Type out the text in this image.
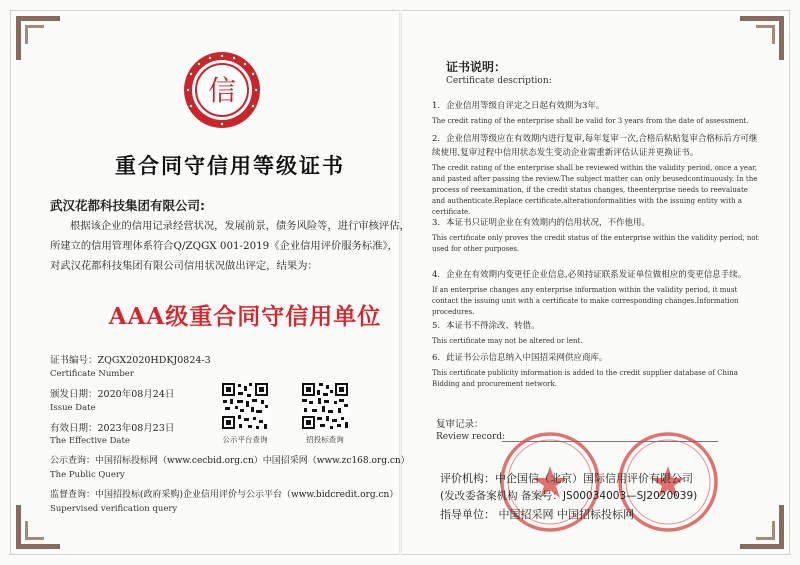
信
重合同守信用等级证书
武汉花都科技集团有限公司:

根据该企业的信用记录经营状况，发展前景，债务风险等，进行审核评估，

所建立的信用管理体系符合Q/ZQGX 001-2019《企业信用评价服务标准》，

对武汉花都科技集团有限公司信用状况做出评定，结果为：

AAA级重合同守信用单位
证书编号：ZQGX2020HDKJ0824-3
Certificate Number
颁发日期：2020年08月24日
Issue Date
有效日期：2023年08月23日
The Effective Date	公示平台查询	招投标查询
公示查询：中国招标投标网（www.cecbid.org.cn）中国招采网（www.zc168.org.cn）
The Public Query
监督查询：中国招投标(政府采购)企业信用评价与公示平台（www.bidcredit.org.cn）
Supervised verification query
证书说明：
Certificate description:
1. 企业信用等级自评定之日起有效期为3年。
The credit rating of the enterprise shall be valid for 3 years from the date of assessment.
2. 企业信用等级应在有效期内进行复审,每年复审一次,合格后粘贴复审合格标后方可继续使用,复审过程中信用状态发生变动企业需重新评估认证并更换证书。
The credit rating of the enterprise shall be reviewed within the validity period, once a year, and pasted after passing the review.The subject matter can only beusedcontinuously. In the process of reexamination, if the credit status changes, theenterprise needs to reevaluate and authenticate.Replace certificate.alterationformalities with the issuing entity with a certificate.
3. 本证书只证明企业在有效期内的信用状况，不作他用。
This certificate only proves the credit status of the enterprise within the validity period, not used for other purposes.
4. 企业在有效期内变更任企业信息,必须持证联系发证单位做相应的变更信息手续。
If an enterprise changes any enterprise information within the validity period, it must contact the issuing unit with a certificate to make corresponding changes.Information procedures.
5. 本证书不得涂改、转借。
This certificate may not be altered or lent.
6. 此证书公示信息纳入中国招采网供应商库。
This certificate publicity information is added to the credit supplier database of China Bidding and procurement network.
复审记录：
Review record:
评价机构：中企国信（北京）国际信用评价有限公司
(发改委备案机构 备案号：JS00034003—SJ2020039)
指导单位： 中国招采网 中国招标投标网
